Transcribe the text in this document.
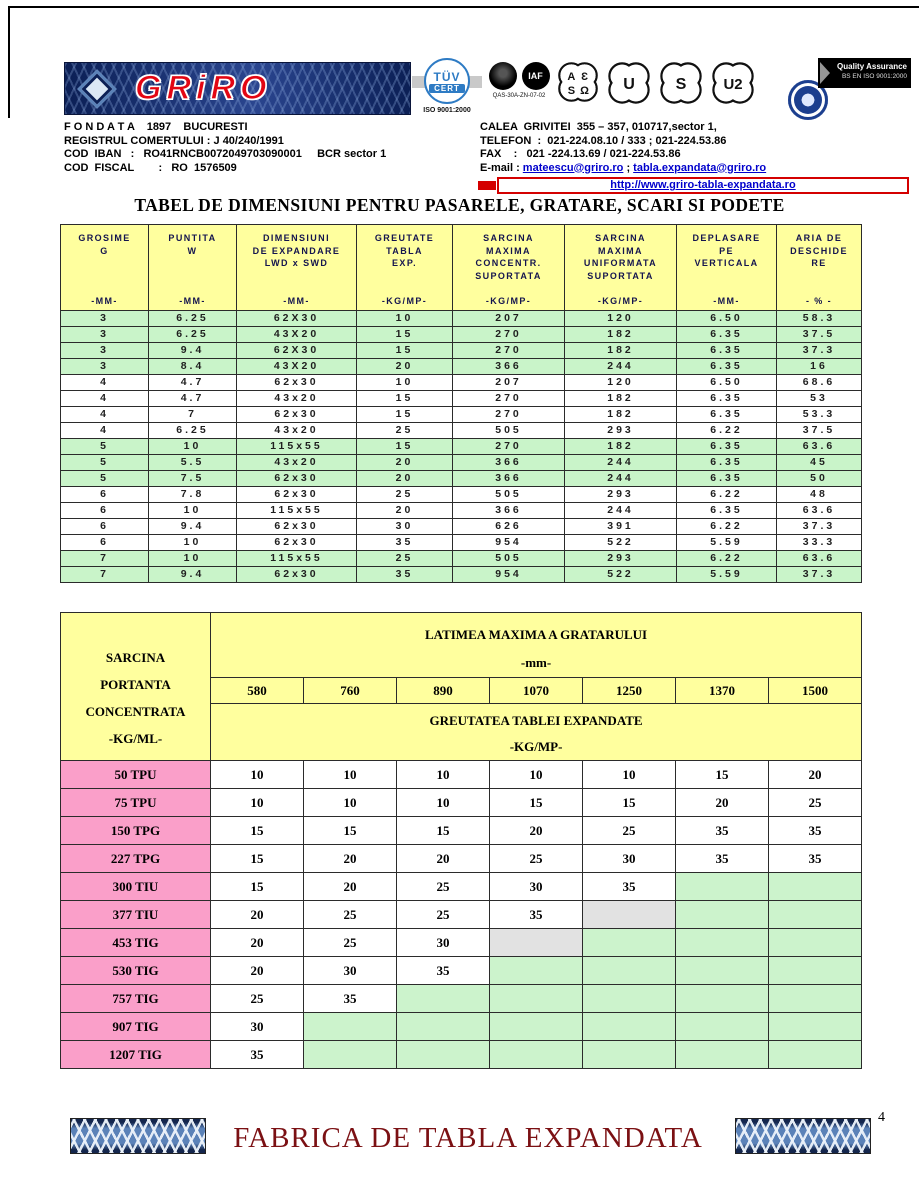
GRiRO	TÜV
CERT
ISO 9001:2000
IAF
QAS-30A-ZN-07-02
A Ɛ
S Ω U	S	U2
Quality Assurance
BS EN ISO 9001:2000
F O N D A T A    1897    BUCURESTI
REGISTRUL COMERTULUI : J 40/240/1991
COD  IBAN   :   RO41RNCB0072049703090001     BCR sector 1
COD  FISCAL        :   RO  1576509
CALEA  GRIVITEI  355 – 357, 010717,sector 1,
TELEFON  :  021-224.08.10 / 333 ; 021-224.53.86
FAX    :   021 -224.13.69 / 021-224.53.86
E-mail : mateescu@griro.ro ; tabla.expandata@griro.ro
http://www.griro-tabla-expandata.ro
TABEL DE DIMENSIUNI PENTRU PASARELE, GRATARE, SCARI SI PODETE
GROSIME
G
-MM-

PUNTITA
W
-MM-

DIMENSIUNI
DE EXPANDARE
LWD x SWD
-MM-

GREUTATE
TABLA
EXP.
-KG/MP-

SARCINA
MAXIMA
CONCENTR.
SUPORTATA
-KG/MP-

SARCINA
MAXIMA
UNIFORMATA
SUPORTATA
-KG/MP-

DEPLASARE
PE
VERTICALA
-MM-

ARIA DE
DESCHIDE
RE
- % -

3	6.25	62X30	10	207	120	6.50	58.3
3	6.25	43X20	15	270	182	6.35	37.5
3	9.4	62X30	15	270	182	6.35	37.3
3	8.4	43X20	20	366	244	6.35	16
4	4.7	62x30	10	207	120	6.50	68.6
4	4.7	43x20	15	270	182	6.35	53
4	7	62x30	15	270	182	6.35	53.3
4	6.25	43x20	25	505	293	6.22	37.5
5	10	115x55	15	270	182	6.35	63.6
5	5.5	43x20	20	366	244	6.35	45
5	7.5	62x30	20	366	244	6.35	50
6	7.8	62x30	25	505	293	6.22	48
6	10	115x55	20	366	244	6.35	63.6
6	9.4	62x30	30	626	391	6.22	37.3
6	10	62x30	35	954	522	5.59	33.3
7	10	115x55	25	505	293	6.22	63.6
7	9.4	62x30	35	954	522	5.59	37.3
SARCINA
PORTANTA
CONCENTRATA
-KG/ML-

LATIMEA MAXIMA A GRATARULUI
-mm-

	580	760	890	1070	1250	1370	1500

	GREUTATEA TABLEI EXPANDATE
-KG/MP-						

50 TPU	10	10	10	10	10	15	20
75 TPU	10	10	10	15	15	20	25
150 TPG	15	15	15	20	25	35	35
227 TPG	15	20	20	25	30	35	35
300 TIU	15	20	25	30	35		
377 TIU	20	25	25	35			
453 TIG	20	25	30				
530 TIG	20	30	35				
757 TIG	25	35					
907 TIG	30						
1207 TIG	35						
FABRICA DE TABLA EXPANDATA
4
